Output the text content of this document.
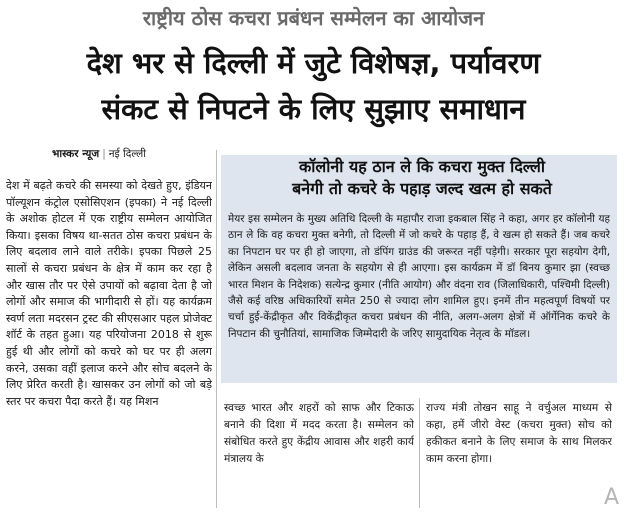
राष्ट्रीय ठोस कचरा प्रबंधन सम्मेलन का आयोजन
देश भर से दिल्ली में जुटे विशेषज्ञ, पर्यावरण
संकट से निपटने के लिए सुझाए समाधान
भास्कर न्यूज | नई दिल्ली
देश में बढ़ते कचरे की समस्या को देखते हुए, इंडियन पॉल्यूशन कंट्रोल एसोसिएशन (इपका) ने नई दिल्ली के अशोक होटल में एक राष्ट्रीय सम्मेलन आयोजित किया। इसका विषय था-सतत ठोस कचरा प्रबंधन के लिए बदलाव लाने वाले तरीके। इपका पिछले 25 सालों से कचरा प्रबंधन के क्षेत्र में काम कर रहा है और खास तौर पर ऐसे उपायों को बढ़ावा देता है जो लोगों और समाज की भागीदारी से हों। यह कार्यक्रम स्वर्ण लता मदरसन ट्रस्ट की सीएसआर पहल प्रोजेक्ट शॉर्ट के तहत हुआ। यह परियोजना 2018 से शुरू हुई थी और लोगों को कचरे को घर पर ही अलग करने, उसका वहीं इलाज करने और सोच बदलने के लिए प्रेरित करती है। खासकर उन लोगों को जो बड़े स्तर पर कचरा पैदा करते हैं। यह मिशन
कॉलोनी यह ठान ले कि कचरा मुक्त दिल्ली
बनेगी तो कचरे के पहाड़ जल्द खत्म हो सकते
मेयर इस सम्मेलन के मुख्य अतिथि दिल्ली के महापौर राजा इकबाल सिंह ने कहा, अगर हर कॉलोनी यह ठान ले कि वह कचरा मुक्त बनेगी, तो दिल्ली में जो कचरे के पहाड़ हैं, वे खत्म हो सकते हैं। जब कचरे का निपटान घर पर ही हो जाएगा, तो डंपिंग ग्राउंड की जरूरत नहीं पड़ेगी। सरकार पूरा सहयोग देगी, लेकिन असली बदलाव जनता के सहयोग से ही आएगा। इस कार्यक्रम में डॉ बिनय कुमार झा (स्वच्छ भारत मिशन के निदेशक) सत्येन्द्र कुमार (नीति आयोग) और वंदना राव (जिलाधिकारी, पश्चिमी दिल्ली) जैसे कई वरिष्ठ अधिकारियों समेत 250 से ज्यादा लोग शामिल हुए। इनमें तीन महत्वपूर्ण विषयों पर चर्चा हुई-केंद्रीकृत और विकेंद्रीकृत कचरा प्रबंधन की नीति, अलग-अलग क्षेत्रों में ऑर्गेनिक कचरे के निपटान की चुनौतियां, सामाजिक जिम्मेदारी के जरिए सामुदायिक नेतृत्व के मॉडल।
स्वच्छ भारत और शहरों को साफ और टिकाऊ बनाने की दिशा में मदद करता है। सम्मेलन को संबोधित करते हुए केंद्रीय आवास और शहरी कार्य मंत्रालय के
राज्य मंत्री तोखन साहू ने वर्चुअल माध्यम से कहा, हमें जीरो वेस्ट (कचरा मुक्त) सोच को हकीकत बनाने के लिए समाज के साथ मिलकर काम करना होगा।
A
